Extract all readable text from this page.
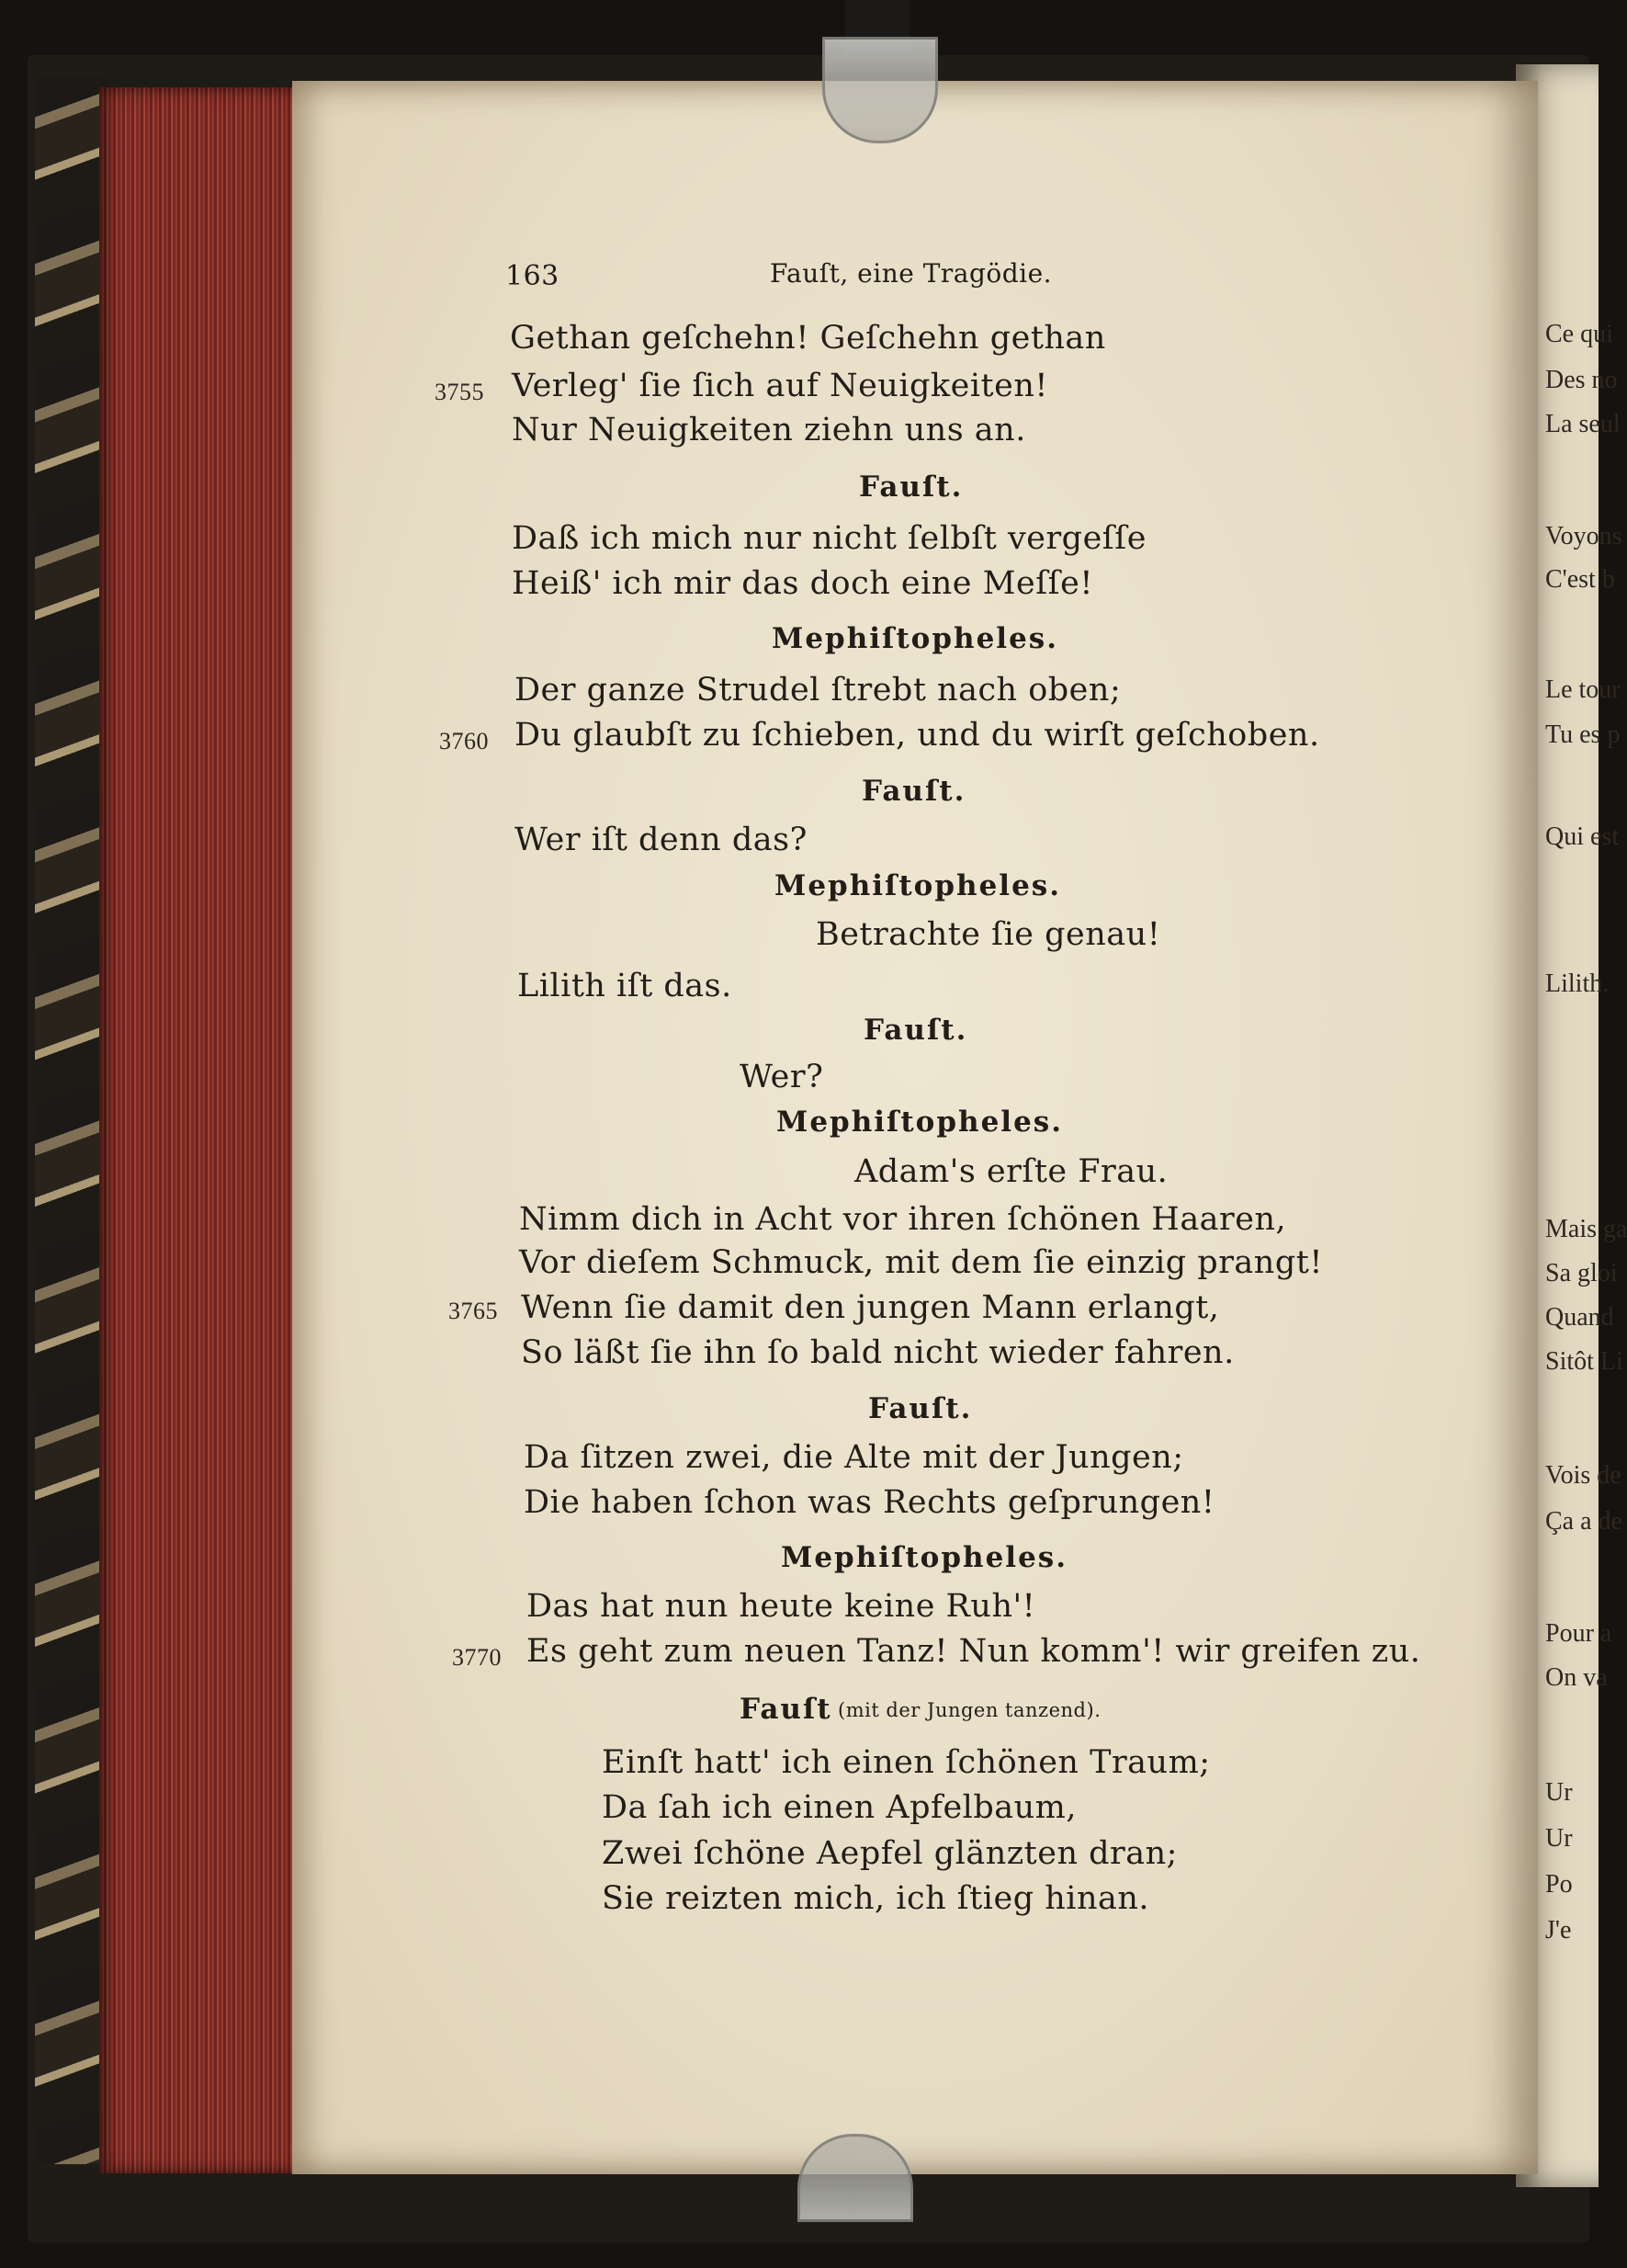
163	Fauſt, eine Tragödie.
3755
3760
3765
3770
Gethan geſchehn! Geſchehn gethan
Verleg' ſie ſich auf Neuigkeiten!
Nur Neuigkeiten ziehn uns an.
Fauſt.
Daß ich mich nur nicht ſelbſt vergeſſe
Heiß' ich mir das doch eine Meſſe!
Mephiſtopheles.
Der ganze Strudel ſtrebt nach oben;
Du glaubſt zu ſchieben, und du wirſt geſchoben.
Fauſt.
Wer iſt denn das?
Mephiſtopheles.
Betrachte ſie genau!
Lilith iſt das.
Fauſt.
Wer?
Mephiſtopheles.
Adam's erſte Frau.
Nimm dich in Acht vor ihren ſchönen Haaren,
Vor dieſem Schmuck, mit dem ſie einzig prangt!
Wenn ſie damit den jungen Mann erlangt,
So läßt ſie ihn ſo bald nicht wieder fahren.
Fauſt.
Da ſitzen zwei, die Alte mit der Jungen;
Die haben ſchon was Rechts geſprungen!
Mephiſtopheles.
Das hat nun heute keine Ruh'!
Es geht zum neuen Tanz! Nun komm'! wir greifen zu.
Fauſt (mit der Jungen tanzend).
Einſt hatt' ich einen ſchönen Traum;
Da ſah ich einen Apfelbaum,
Zwei ſchöne Aepfel glänzten dran;
Sie reizten mich, ich ſtieg hinan.
Ce qui
Des no
La seul
Voyons
C'est b
Le tour
Tu es p
Qui est
Lilith.
Mais ga
Sa gloi
Quand
Sitôt Li
Vois de
Ça a de
Pour a
On va
Ur
Ur
Po
J'e
